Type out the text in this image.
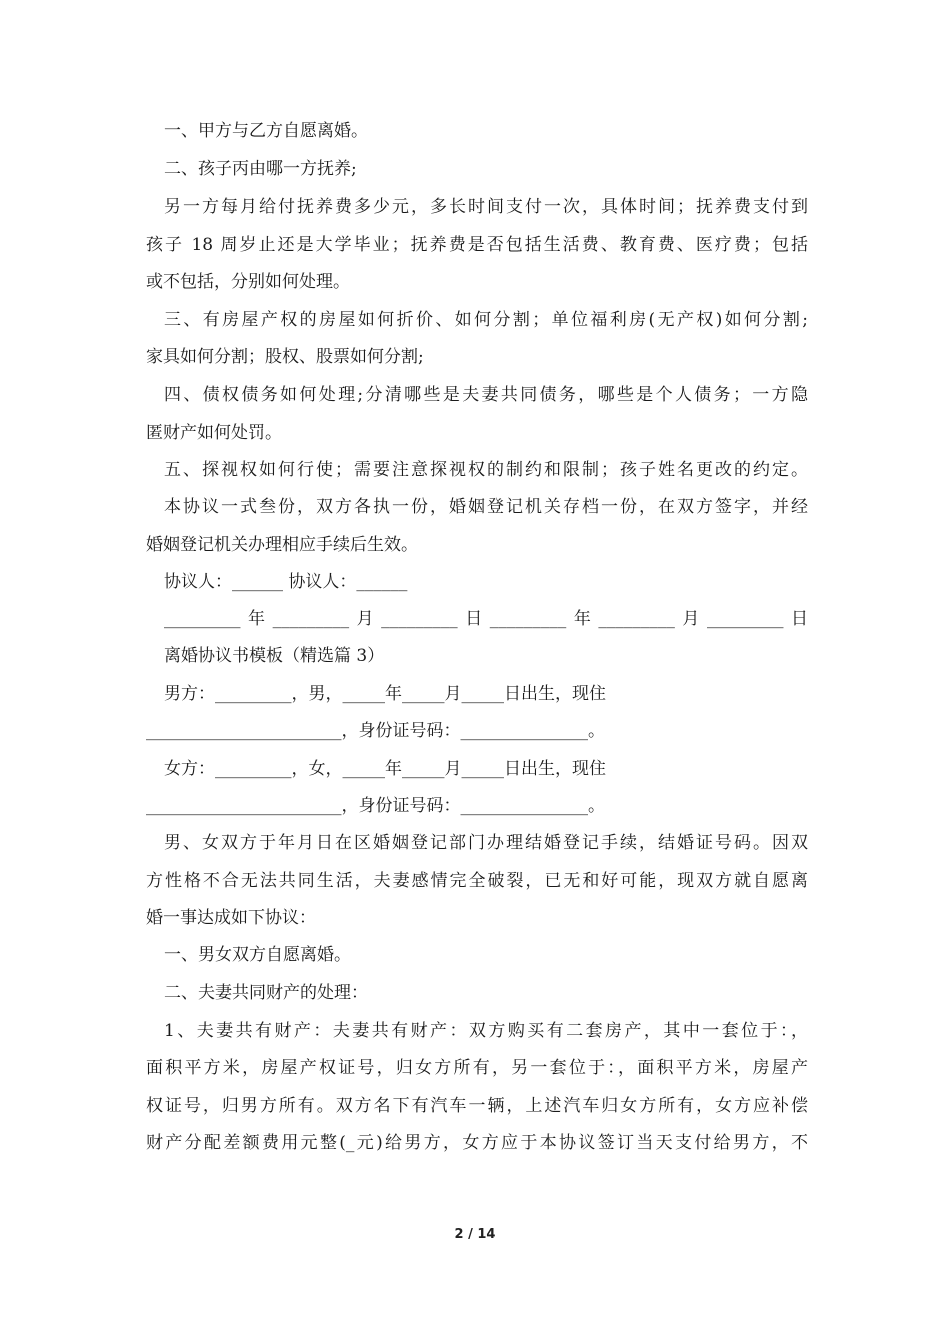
一、甲方与乙方自愿离婚。
二、孩子丙由哪一方抚养;
另一方每月给付抚养费多少元，多长时间支付一次，具体时间；抚养费支付到
孩子 18 周岁止还是大学毕业；抚养费是否包括生活费、教育费、医疗费；包括
或不包括，分别如何处理。
三、有房屋产权的房屋如何折价、如何分割；单位福利房(无产权)如何分割;
家具如何分割；股权、股票如何分割;
四、债权债务如何处理;分清哪些是夫妻共同债务，哪些是个人债务；一方隐
匿财产如何处罚。
五、探视权如何行使；需要注意探视权的制约和限制；孩子姓名更改的约定。
本协议一式叁份，双方各执一份，婚姻登记机关存档一份，在双方签字，并经
婚姻登记机关办理相应手续后生效。
协议人：______ 协议人：______
_________年_________月_________日_________年_________月_________日
离婚协议书模板（精选篇 3）
男方：_________，男，_____年_____月_____日出生，现住
_______________________，身份证号码：_______________。
女方：_________，女，_____年_____月_____日出生，现住
_______________________，身份证号码：_______________。
男、女双方于年月日在区婚姻登记部门办理结婚登记手续，结婚证号码。因双
方性格不合无法共同生活，夫妻感情完全破裂，已无和好可能，现双方就自愿离
婚一事达成如下协议：
一、男女双方自愿离婚。
二、夫妻共同财产的处理：
1、夫妻共有财产：夫妻共有财产：双方购买有二套房产，其中一套位于：，
面积平方米，房屋产权证号，归女方所有，另一套位于：，面积平方米，房屋产
权证号，归男方所有。双方名下有汽车一辆，上述汽车归女方所有，女方应补偿
财产分配差额费用元整(_元)给男方，女方应于本协议签订当天支付给男方，不
2 / 14
